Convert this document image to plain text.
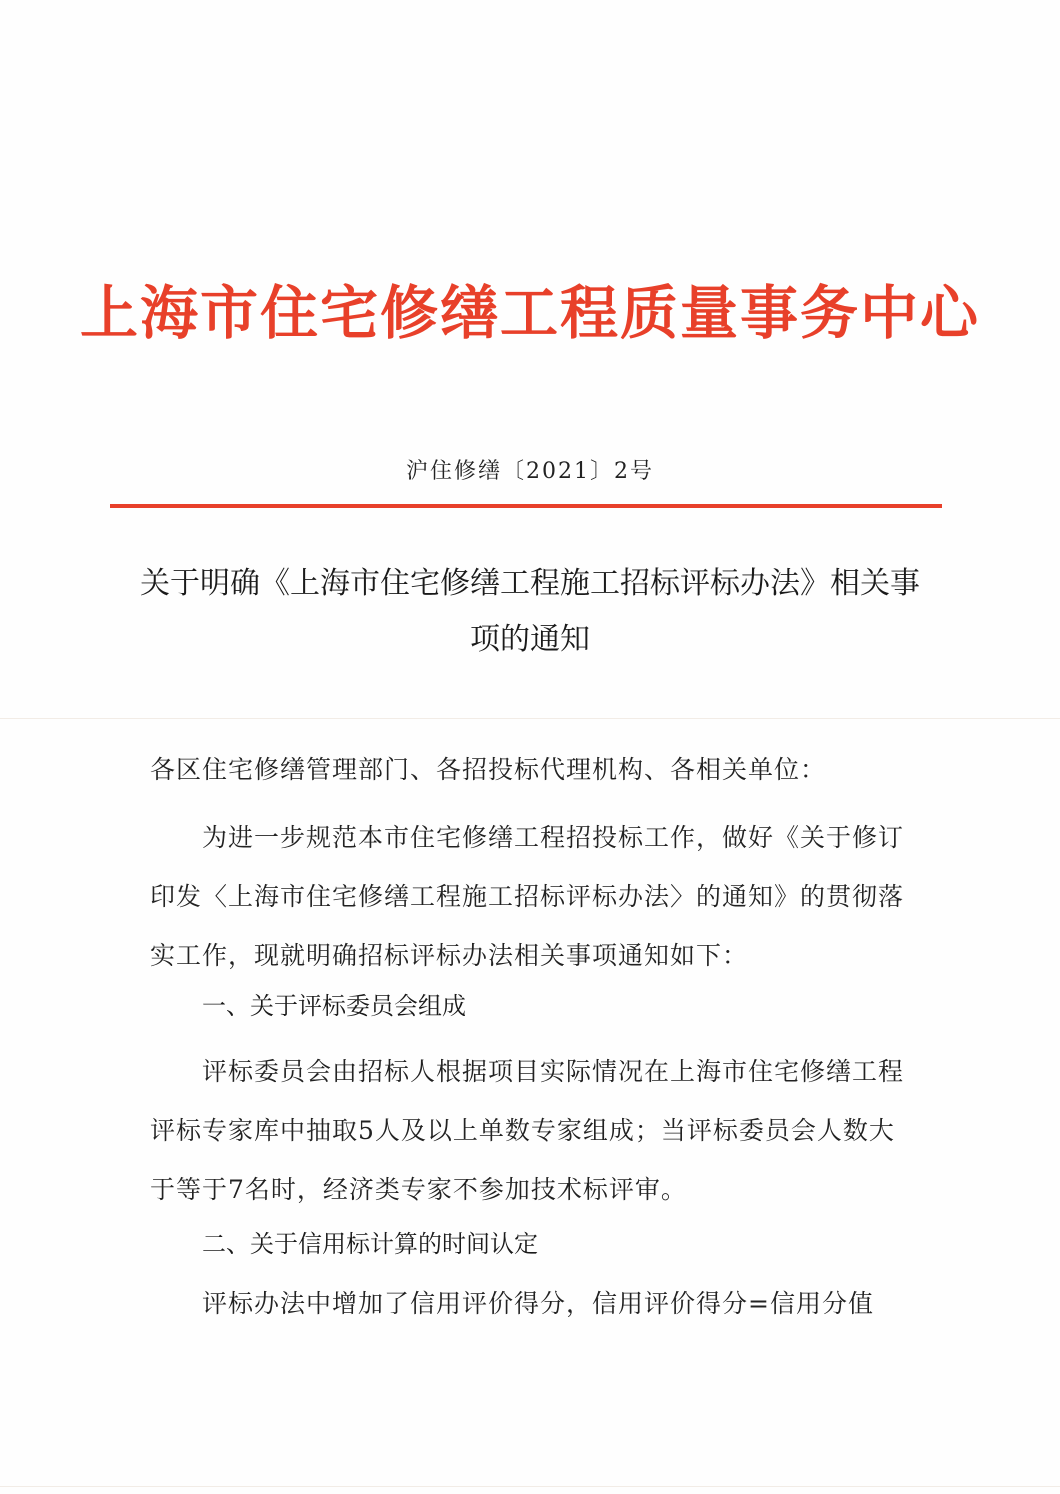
上海市住宅修缮工程质量事务中心
沪住修缮〔2021〕2号
关于明确《上海市住宅修缮工程施工招标评标办法》相关事项的通知
各区住宅修缮管理部门、各招投标代理机构、各相关单位：
为进一步规范本市住宅修缮工程招投标工作，做好《关于修订印发〈上海市住宅修缮工程施工招标评标办法〉的通知》的贯彻落实工作，现就明确招标评标办法相关事项通知如下：
一、关于评标委员会组成
评标委员会由招标人根据项目实际情况在上海市住宅修缮工程评标专家库中抽取5人及以上单数专家组成；当评标委员会人数大于等于7名时，经济类专家不参加技术标评审。
二、关于信用标计算的时间认定
评标办法中增加了信用评价得分，信用评价得分=信用分值
